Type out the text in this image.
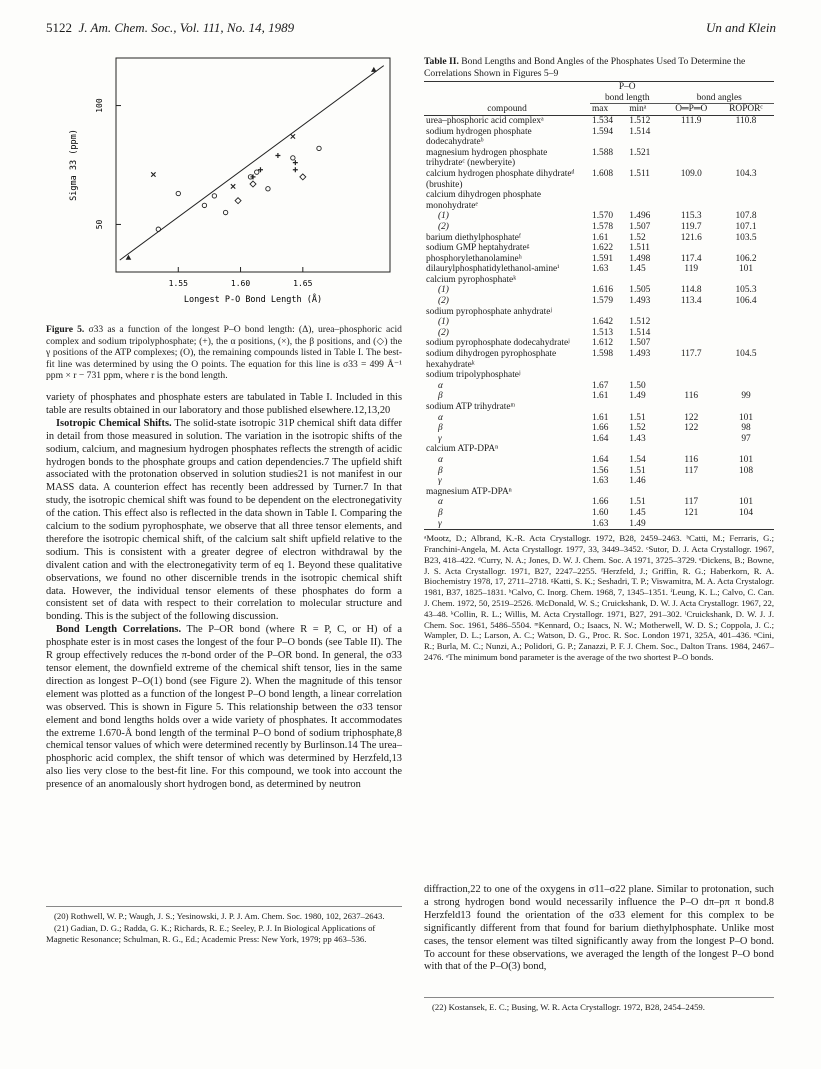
5122 J. Am. Chem. Soc., Vol. 111, No. 14, 1989	Un and Klein
1.55	1.60	1.65
50
100
Longest P-O Bond Length (Å)
Sigma 33 (ppm)
Figure 5. σ33 as a function of the longest P–O bond length: (Δ), urea–phosphoric acid complex and sodium tripolyphosphate; (+), the α positions, (×), the β positions, and (◇) the γ positions of the ATP complexes; (O), the remaining compounds listed in Table I. The best-fit line was determined by using the O points. The equation for this line is σ33 = 499 Å⁻¹ ppm × r − 731 ppm, where r is the bond length.

variety of phosphates and phosphate esters are tabulated in Table I. Included in this table are results obtained in our laboratory and those published elsewhere.12,13,20

Isotropic Chemical Shifts. The solid-state isotropic 31P chemical shift data differ in detail from those measured in solution. The variation in the isotropic shifts of the sodium, calcium, and magnesium hydrogen phosphates reflects the strength of acidic hydrogen bonds to the phosphate groups and cation dependencies.7 The upfield shift associated with the protonation observed in solution studies21 is not manifest in our MASS data. A counterion effect has recently been addressed by Turner.7 In that study, the isotropic chemical shift was found to be dependent on the electronegativity of the cation. This effect also is reflected in the data shown in Table I. Comparing the calcium to the sodium pyrophosphate, we observe that all three tensor elements, and therefore the isotropic chemical shift, of the calcium salt shift upfield relative to the sodium. This is consistent with a greater degree of electron withdrawal by the divalent cation and with the electronegativity term of eq 1. Beyond these qualitative observations, we found no other discernible trends in the isotropic chemical shift data. However, the individual tensor elements of these phosphates do form a consistent set of data with respect to their correlation to molecular structure and bonding. This is the subject of the following discussion.

Bond Length Correlations. The P–OR bond (where R = P, C, or H) of a phosphate ester is in most cases the longest of the four P–O bonds (see Table II). The R group effectively reduces the π-bond order of the P–OR bond. In general, the σ33 tensor element, the downfield extreme of the chemical shift tensor, lies in the same direction as longest P–O(1) bond (see Figure 2). When the magnitude of this tensor element was plotted as a function of the longest P–O bond length, a linear correlation was observed. This is shown in Figure 5. This relationship between the σ33 tensor element and bond lengths holds over a wide variety of phosphates. It accommodates the extreme 1.670-Å bond length of the terminal P–O bond of sodium triphosphate,8 chemical tensor values of which were determined recently by Burlinson.14 The urea–phosphoric acid complex, the shift tensor of which was determined by Herzfeld,13 also lies very close to the best-fit line. For this compound, we took into account the presence of an anomalously short hydrogen bond, as determined by neutron

(20) Rothwell, W. P.; Waugh, J. S.; Yesinowski, J. P. J. Am. Chem. Soc. 1980, 102, 2637–2643.

(21) Gadian, D. G.; Radda, G. K.; Richards, R. E.; Seeley, P. J. In Biological Applications of Magnetic Resonance; Schulman, R. G., Ed.; Academic Press: New York, 1979; pp 463–536.

Table II. Bond Lengths and Bond Angles of the Phosphates Used To Determine the Correlations Shown in Figures 5–9
	P–O			
	bond length		bond angles	
compound	max	minᵃ	O═P═O	ROPORᶜ
urea–phosphoric acid complexᵃ	1.534	1.512	111.9	110.8
sodium hydrogen phosphate dodecahydrateᵇ	1.594	1.514		
magnesium hydrogen phosphate trihydrateᶜ (newberyite)	1.588	1.521		
calcium hydrogen phosphate dihydrateᵈ (brushite)	1.608	1.511	109.0	104.3
calcium dihydrogen phosphate monohydrateᵉ				
(1)	1.570	1.496	115.3	107.8
(2)	1.578	1.507	119.7	107.1
barium diethylphosphateᶠ	1.61	1.52	121.6	103.5
sodium GMP heptahydrateᵍ	1.622	1.511		
phosphorylethanolamineʰ	1.591	1.498	117.4	106.2
dilaurylphosphatidylethanol-amineⁱ	1.63	1.45	119	101
calcium pyrophosphateᵏ				
(1)	1.616	1.505	114.8	105.3
(2)	1.579	1.493	113.4	106.4
sodium pyrophosphate anhydrateʲ				
(1)	1.642	1.512		
(2)	1.513	1.514		
sodium pyrophosphate dodecahydrateʲ	1.612	1.507		
sodium dihydrogen pyrophosphate hexahydrateᵏ	1.598	1.493	117.7	104.5
sodium tripolyphosphateʲ				
α	1.67	1.50		
β	1.61	1.49	116	99
sodium ATP trihydrateᵐ				
α	1.61	1.51	122	101
β	1.66	1.52	122	98
γ	1.64	1.43		97
calcium ATP-DPAⁿ				
α	1.64	1.54	116	101
β	1.56	1.51	117	108
γ	1.63	1.46		
magnesium ATP-DPAⁿ				
α	1.66	1.51	117	101
β	1.60	1.45	121	104
γ	1.63	1.49		
ᵃMootz, D.; Albrand, K.-R. Acta Crystallogr. 1972, B28, 2459–2463. ᵇCatti, M.; Ferraris, G.; Franchini-Angela, M. Acta Crystallogr. 1977, 33, 3449–3452. ᶜSutor, D. J. Acta Crystallogr. 1967, B23, 418–422. ᵈCurry, N. A.; Jones, D. W. J. Chem. Soc. A 1971, 3725–3729. ᵉDickens, B.; Bowne, J. S. Acta Crystallogr. 1971, B27, 2247–2255. ᶠHerzfeld, J.; Griffin, R. G.; Haberkorn, R. A. Biochemistry 1978, 17, 2711–2718. ᵍKatti, S. K.; Seshadri, T. P.; Viswamitra, M. A. Acta Crystalogr. 1981, B37, 1825–1831. ʰCalvo, C. Inorg. Chem. 1968, 7, 1345–1351. ⁱLeung, K. L.; Calvo, C. Can. J. Chem. 1972, 50, 2519–2526. ʲMcDonald, W. S.; Cruickshank, D. W. J. Acta Crystallogr. 1967, 22, 43–48. ᵏCollin, R. L.; Willis, M. Acta Crystallogr. 1971, B27, 291–302. ˡCruickshank, D. W. J. J. Chem. Soc. 1961, 5486–5504. ᵐKennard, O.; Isaacs, N. W.; Motherwell, W. D. S.; Coppola, J. C.; Wampler, D. L.; Larson, A. C.; Watson, D. G., Proc. R. Soc. London 1971, 325A, 401–436. ⁿCini, R.; Burla, M. C.; Nunzi, A.; Polidori, G. P.; Zanazzi, P. F. J. Chem. Soc., Dalton Trans. 1984, 2467–2476. ᵒThe minimum bond parameter is the average of the two shortest P–O bonds.

diffraction,22 to one of the oxygens in σ11–σ22 plane. Similar to protonation, such a strong hydrogen bond would necessarily influence the P–O dπ–pπ π bond.8 Herzfeld13 found the orientation of the σ33 element for this complex to be significantly different from that found for barium diethylphosphate. Unlike most cases, the tensor element was tilted significantly away from the longest P–O bond. To account for these observations, we averaged the length of the longest P–O bond with that of the P–O(3) bond,

(22) Kostansek, E. C.; Busing, W. R. Acta Crystallogr. 1972, B28, 2454–2459.
